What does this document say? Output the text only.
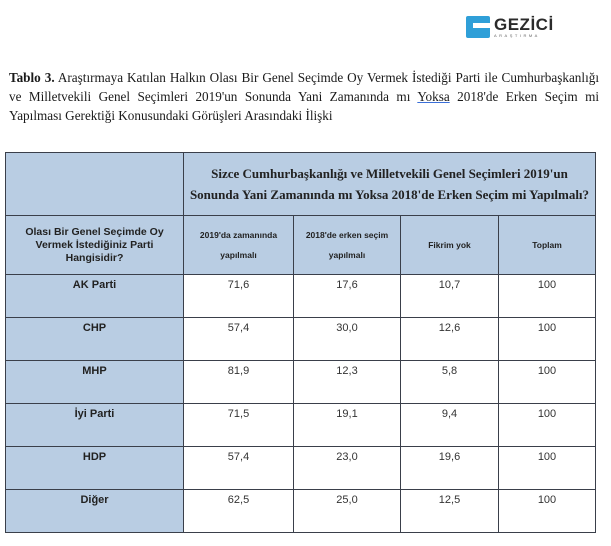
GEZİCİ
ARAŞTIRMA
Tablo 3. Araştırmaya Katılan Halkın Olası Bir Genel Seçimde Oy Vermek İstediği Parti ile Cumhurbaşkanlığı ve Milletvekili Genel Seçimleri 2019'un Sonunda Yani Zamanında mı Yoksa 2018'de Erken Seçim mi Yapılması Gerektiği Konusundaki Görüşleri Arasındaki İlişki
	Sizce Cumhurbaşkanlığı ve Milletvekili Genel Seçimleri 2019'un Sonunda Yani Zamanında mı Yoksa 2018'de Erken Seçim mi Yapılmalı?			
Olası Bir Genel Seçimde Oy Vermek İstediğiniz Parti Hangisidir?	2019'da zamanında yapılmalı	2018'de erken seçim yapılmalı	Fikrim yok	Toplam
AK Parti	71,6	17,6	10,7	100
CHP	57,4	30,0	12,6	100
MHP	81,9	12,3	5,8	100
İyi Parti	71,5	19,1	9,4	100
HDP	57,4	23,0	19,6	100
Diğer	62,5	25,0	12,5	100
